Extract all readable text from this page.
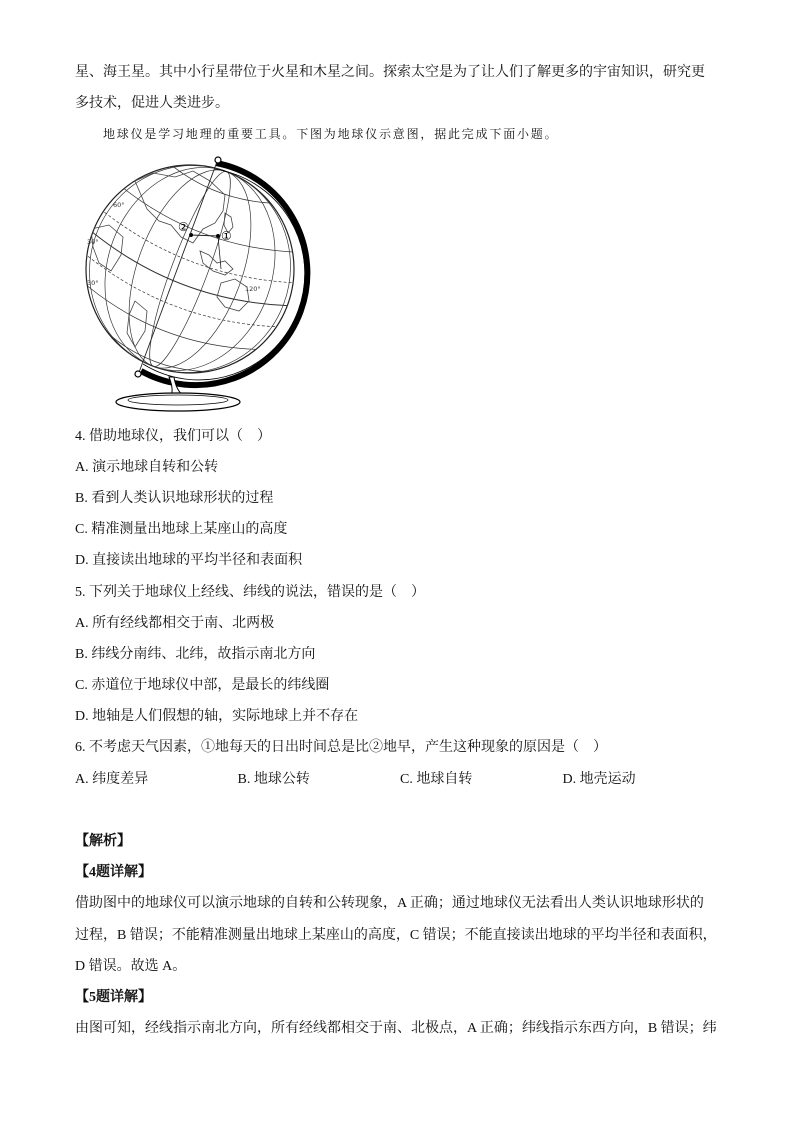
星、海王星。其中小行星带位于火星和木星之间。探索太空是为了让人们了解更多的宇宙知识，研究更
多技术，促进人类进步。
地球仪是学习地理的重要工具。下图为地球仪示意图，据此完成下面小题。
②
①
60°
30°
30°
120°
4. 借助地球仪，我们可以（    ）
A. 演示地球自转和公转
B. 看到人类认识地球形状的过程
C. 精准测量出地球上某座山的高度
D. 直接读出地球的平均半径和表面积
5. 下列关于地球仪上经线、纬线的说法，错误的是（    ）
A. 所有经线都相交于南、北两极
B. 纬线分南纬、北纬，故指示南北方向
C. 赤道位于地球仪中部，是最长的纬线圈
D. 地轴是人们假想的轴，实际地球上并不存在
6. 不考虑天气因素，①地每天的日出时间总是比②地早，产生这种现象的原因是（    ）
A. 纬度差异	B. 地球公转	C. 地球自转	D. 地壳运动

【解析】
【4题详解】
借助图中的地球仪可以演示地球的自转和公转现象，A 正确；通过地球仪无法看出人类认识地球形状的
过程，B 错误；不能精准测量出地球上某座山的高度，C 错误；不能直接读出地球的平均半径和表面积，
D 错误。故选 A。
【5题详解】
由图可知，经线指示南北方向，所有经线都相交于南、北极点，A 正确；纬线指示东西方向，B 错误；纬
